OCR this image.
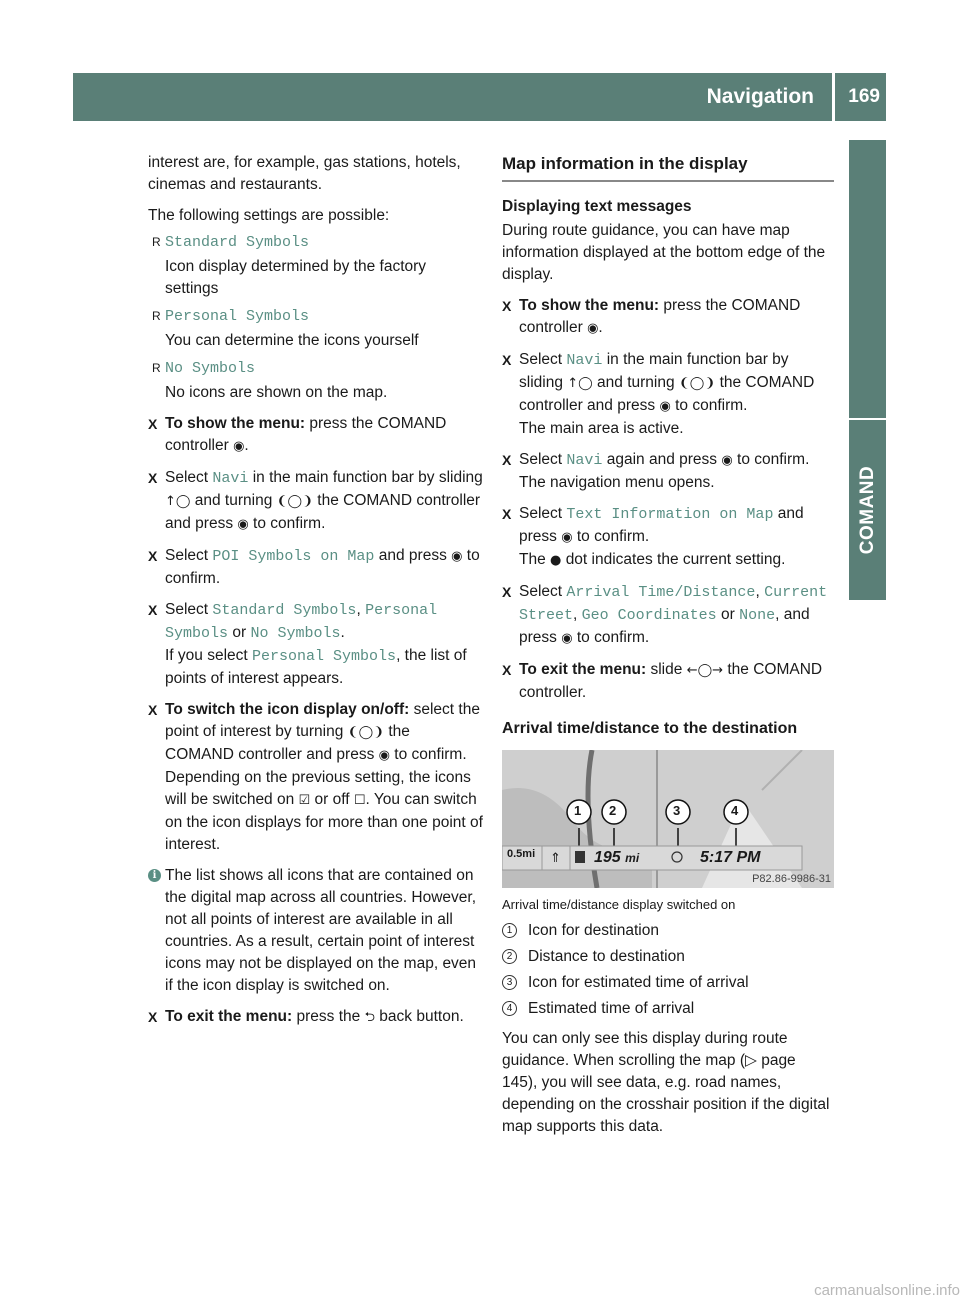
Navigation 169
COMAND

interest are, for example, gas stations, hotels, cinemas and restaurants.

The following settings are possible:

R Standard Symbols
Icon display determined by the factory settings
R Personal Symbols
You can determine the icons yourself
R No Symbols
No icons are shown on the map.
X To show the menu: press the COMAND controller ◉.
X Select Navi in the main function bar by sliding ↑◯ and turning ❨◯❩ the COMAND controller and press ◉ to confirm.
X Select POI Symbols on Map and press ◉ to confirm.
X Select Standard Symbols, Personal Symbols or No Symbols.
If you select Personal Symbols, the list of points of interest appears.
X To switch the icon display on/off: select the point of interest by turning ❨◯❩ the COMAND controller and press ◉ to confirm.
Depending on the previous setting, the icons will be switched on ☑ or off ☐. You can switch on the icon displays for more than one point of interest.
i The list shows all icons that are contained on the digital map across all countries. However, not all points of interest are available in all countries. As a result, certain point of interest icons may not be displayed on the map, even if the icon display is switched on.
X To exit the menu: press the ⮌ back button.
Map information in the display
Displaying text messages

During route guidance, you can have map information displayed at the bottom edge of the display.

X To show the menu: press the COMAND controller ◉.
X Select Navi in the main function bar by sliding ↑◯ and turning ❨◯❩ the COMAND controller and press ◉ to confirm.
The main area is active.
X Select Navi again and press ◉ to confirm.
The navigation menu opens.
X Select Text Information on Map and press ◉ to confirm.
The ● dot indicates the current setting.
X Select Arrival Time/Distance, Current Street, Geo Coordinates or None, and press ◉ to confirm.
X To exit the menu: slide ←◯→ the COMAND controller.
Arrival time/distance to the destination
1 2	3	4
0.5mi ⇑ 195 mi	5:17 PM
P82.86-9986-31
Arrival time/distance display switched on
1	Icon for destination
2	Distance to destination
3	Icon for estimated time of arrival
4	Estimated time of arrival

You can only see this display during route guidance. When scrolling the map (▷ page 145), you will see data, e.g. road names, depending on the crosshair position if the digital map supports this data.

carmanualsonline.info
